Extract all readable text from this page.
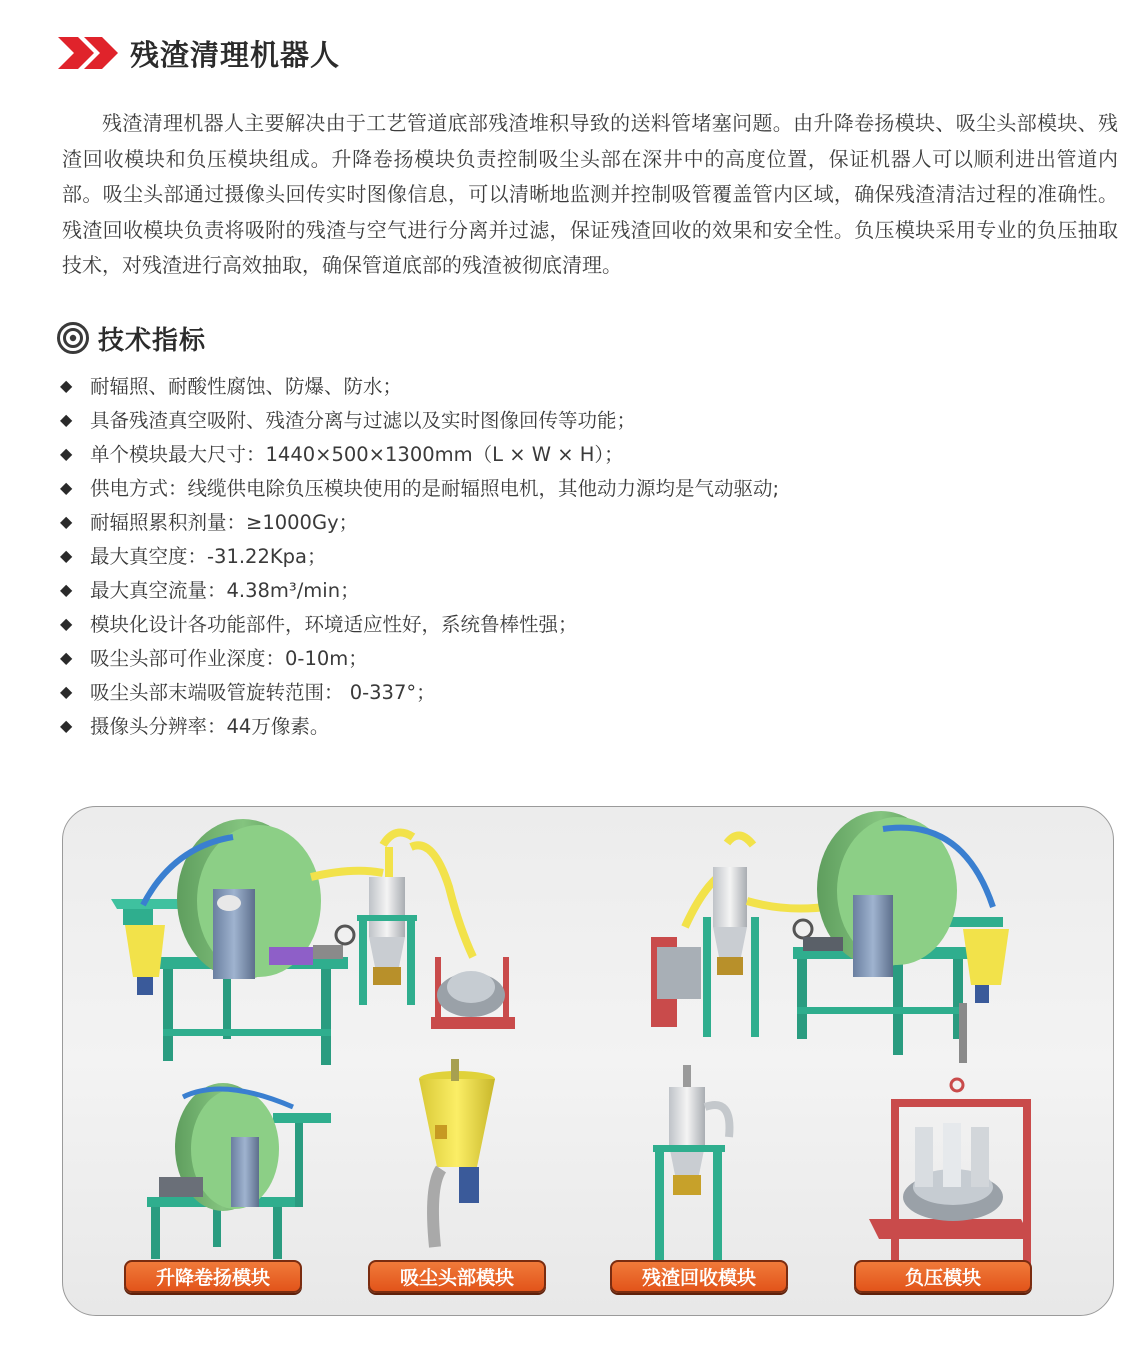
残渣清理机器人

残渣清理机器人主要解决由于工艺管道底部残渣堆积导致的送料管堵塞问题。由升降卷扬模块、吸尘头部模块、残渣回收模块和负压模块组成。升降卷扬模块负责控制吸尘头部在深井中的高度位置，保证机器人可以顺利进出管道内部。吸尘头部通过摄像头回传实时图像信息，可以清晰地监测并控制吸管覆盖管内区域，确保残渣清洁过程的准确性。残渣回收模块负责将吸附的残渣与空气进行分离并过滤，保证残渣回收的效果和安全性。负压模块采用专业的负压抽取技术，对残渣进行高效抽取，确保管道底部的残渣被彻底清理。

技术指标
◆ 耐辐照、耐酸性腐蚀、防爆、防水；
◆ 具备残渣真空吸附、残渣分离与过滤以及实时图像回传等功能；
◆ 单个模块最大尺寸：1440×500×1300mm（L × W × H）；
◆ 供电方式：线缆供电除负压模块使用的是耐辐照电机，其他动力源均是气动驱动;
◆ 耐辐照累积剂量：≥1000Gy；
◆ 最大真空度：-31.22Kpa；
◆ 最大真空流量：4.38m³/min；
◆ 模块化设计各功能部件，环境适应性好，系统鲁棒性强；
◆ 吸尘头部可作业深度：0-10m；
◆ 吸尘头部末端吸管旋转范围： 0-337°；
◆ 摄像头分辨率：44万像素。
升降卷扬模块	吸尘头部模块	残渣回收模块	负压模块
